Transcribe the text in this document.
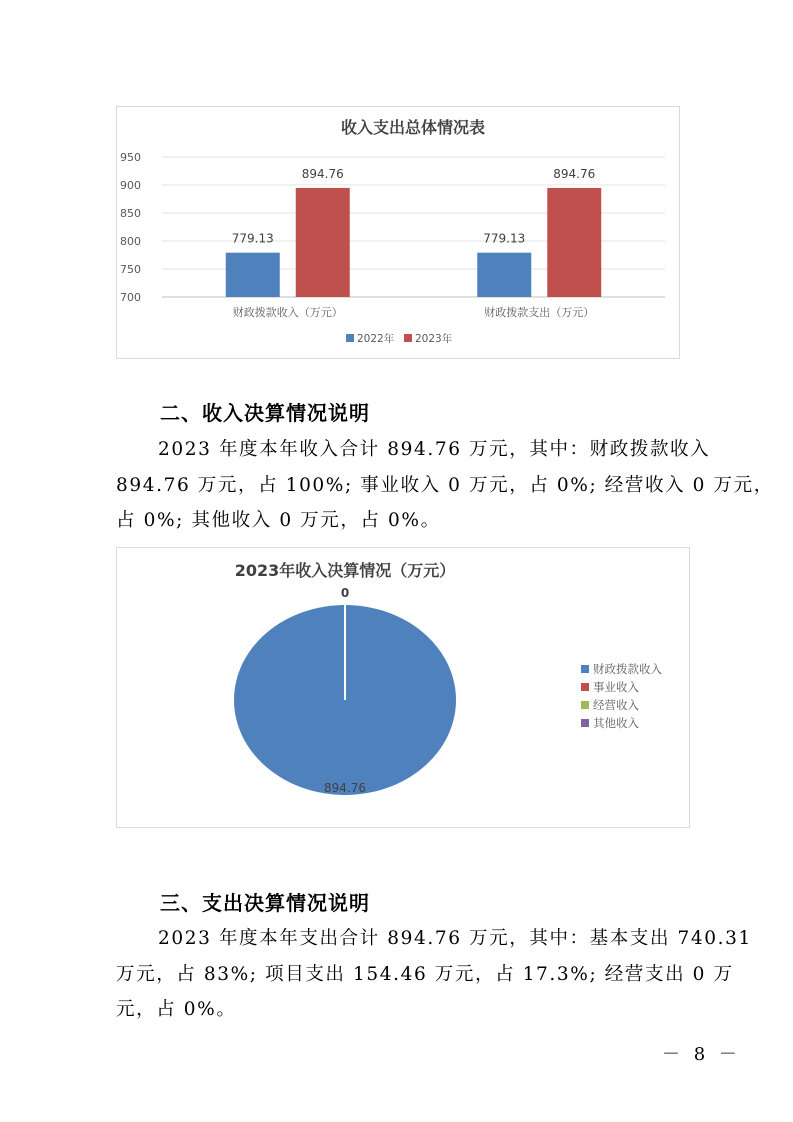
收入支出总体情况表
700
750
800
850
900
950
779.13
894.76
779.13
894.76
财政拨款收入（万元）	财政拨款支出（万元）
2022年 2023年
二、收入决算情况说明

2023 年度本年收入合计 894.76 万元，其中：财政拨款收入

894.76 万元，占 100%; 事业收入 0 万元，占 0%; 经营收入 0 万元，

占 0%; 其他收入 0 万元，占 0%。

2023年收入决算情况（万元）
894.76
0
财政拨款收入
事业收入
经营收入
其他收入
三、支出决算情况说明

2023 年度本年支出合计 894.76 万元，其中：基本支出 740.31

万元，占 83%; 项目支出 154.46 万元，占 17.3%; 经营支出 0 万

元，占 0%。

－ 8 －
